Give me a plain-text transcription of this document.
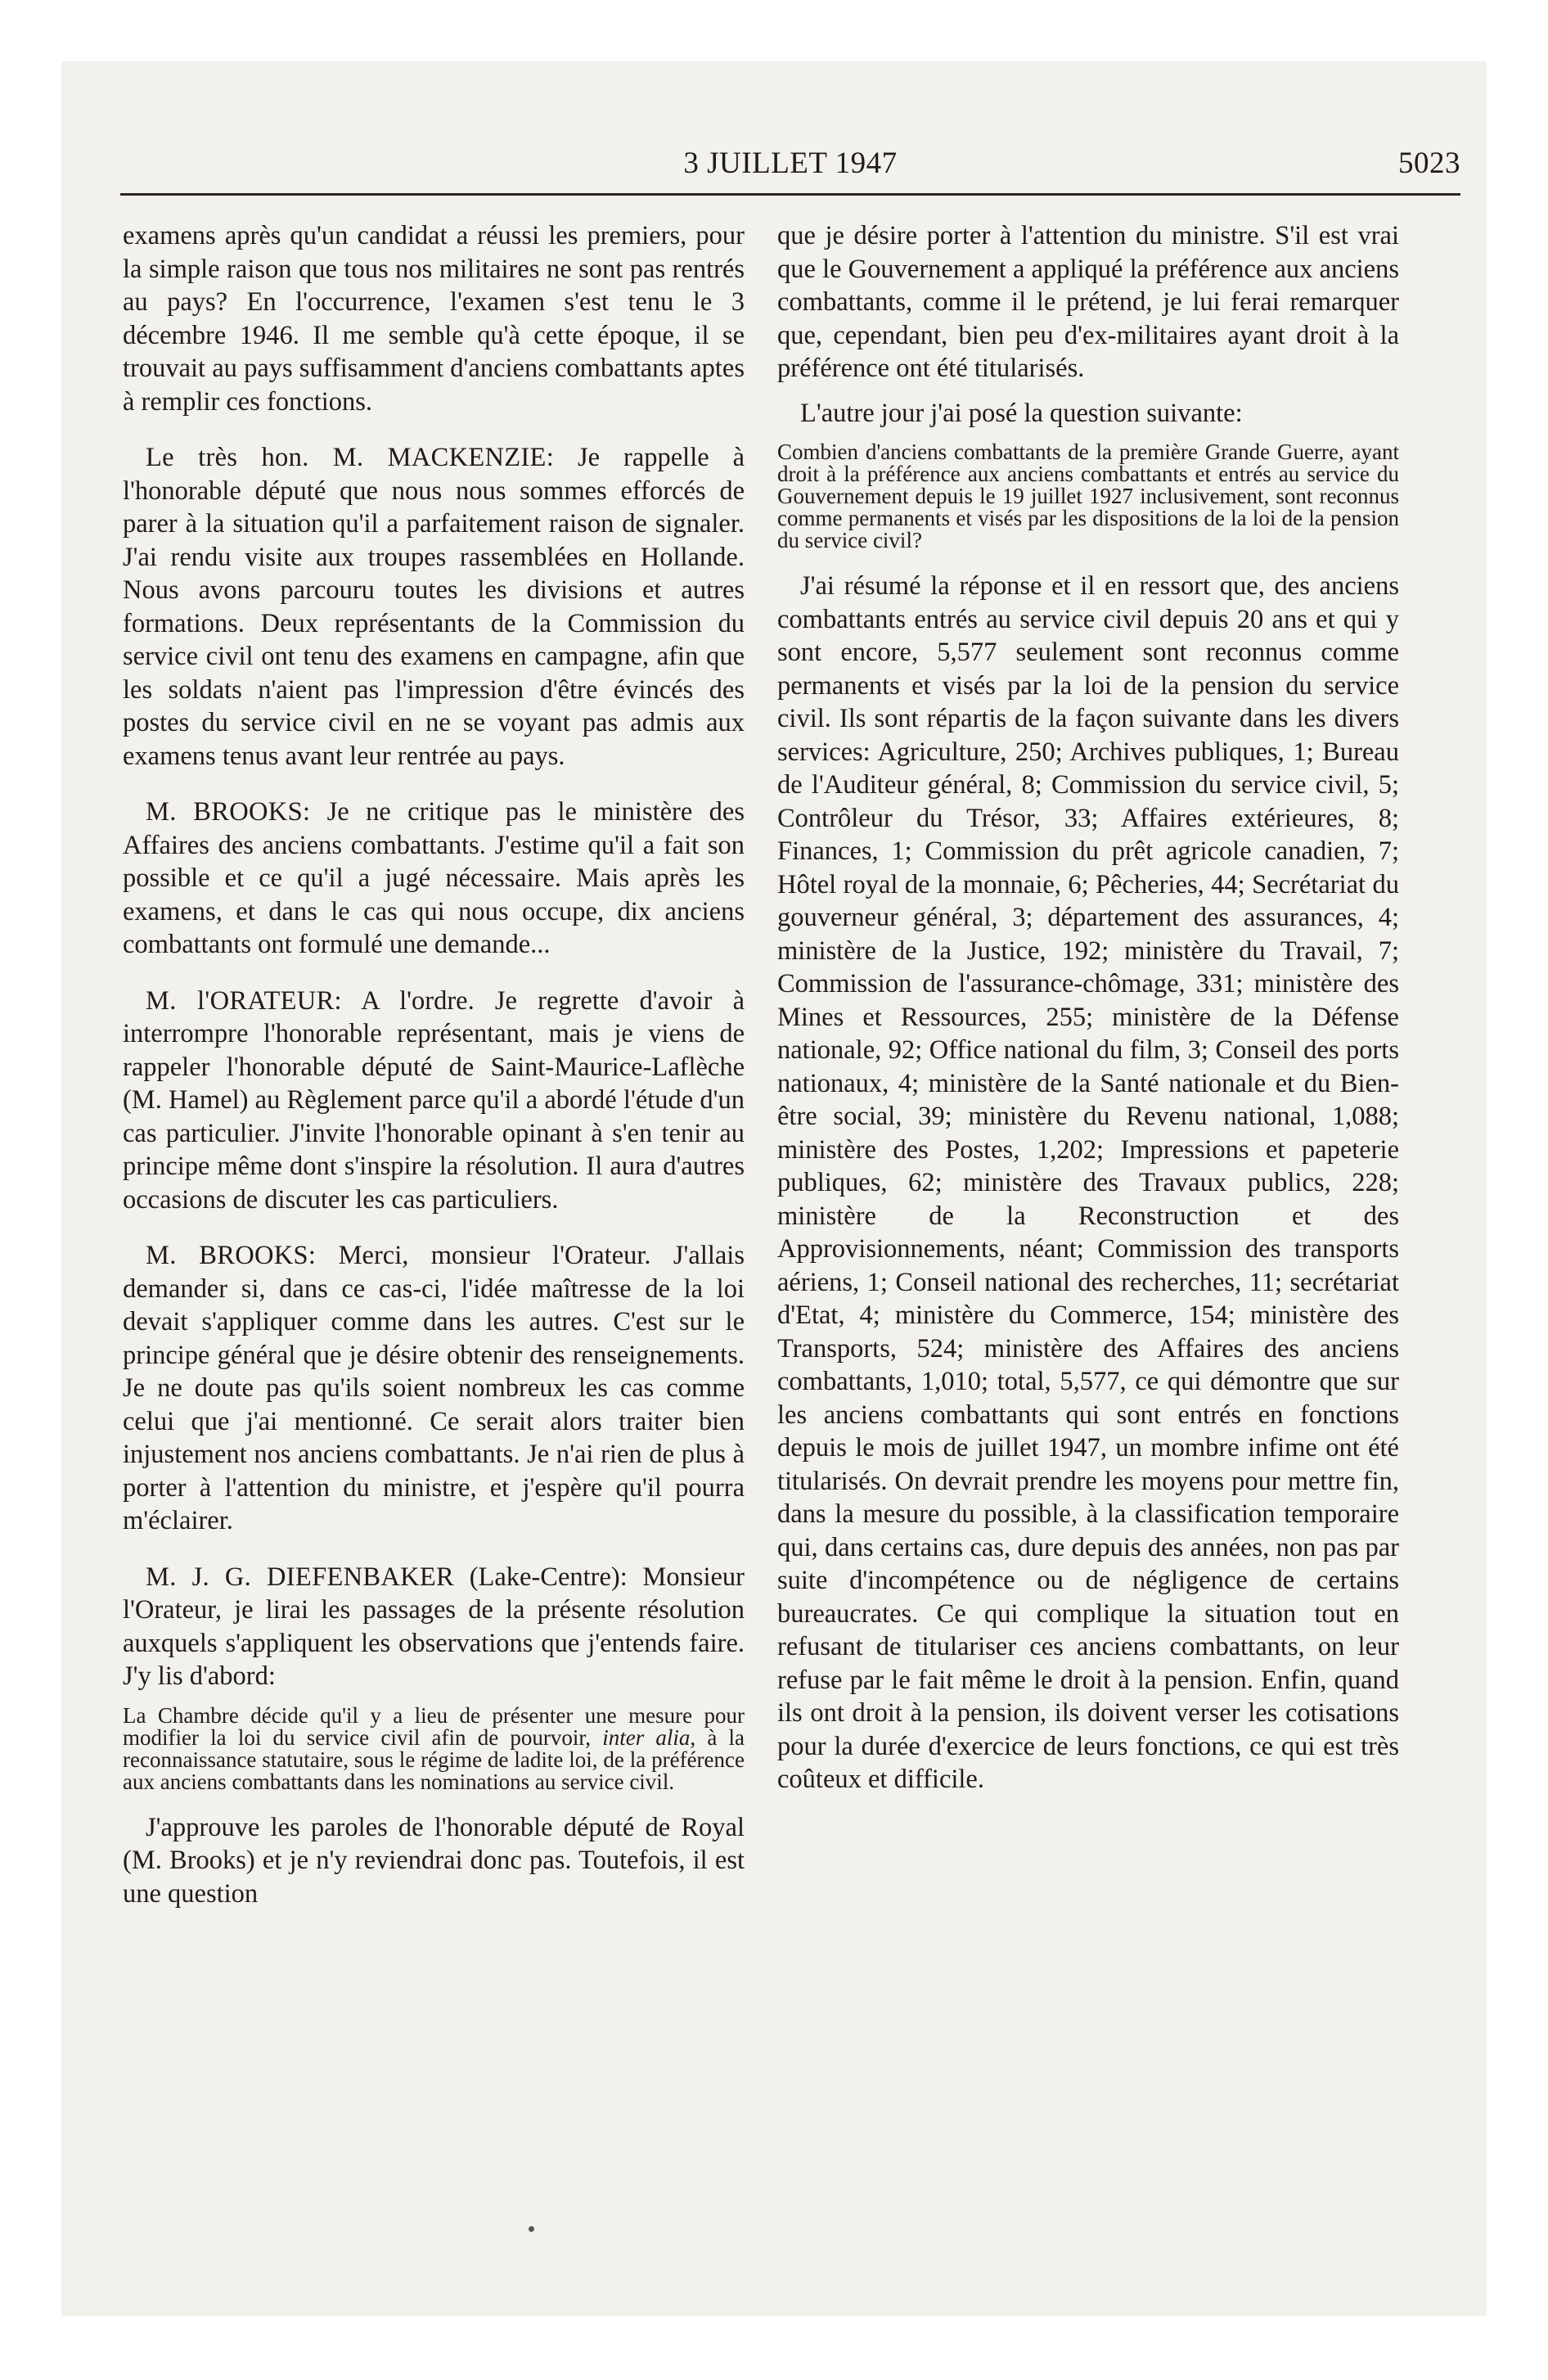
3 JUILLET 1947	5023

examens après qu'un candidat a réussi les premiers, pour la simple raison que tous nos militaires ne sont pas rentrés au pays? En l'occurrence, l'examen s'est tenu le 3 décembre 1946. Il me semble qu'à cette époque, il se trouvait au pays suffisamment d'anciens combattants aptes à remplir ces fonctions.

Le très hon. M. MACKENZIE: Je rappelle à l'honorable député que nous nous sommes efforcés de parer à la situation qu'il a parfaitement raison de signaler. J'ai rendu visite aux troupes rassemblées en Hollande. Nous avons parcouru toutes les divisions et autres formations. Deux représentants de la Commission du service civil ont tenu des examens en campagne, afin que les soldats n'aient pas l'impression d'être évincés des postes du service civil en ne se voyant pas admis aux examens tenus avant leur rentrée au pays.

M. BROOKS: Je ne critique pas le ministère des Affaires des anciens combattants. J'estime qu'il a fait son possible et ce qu'il a jugé nécessaire. Mais après les examens, et dans le cas qui nous occupe, dix anciens combattants ont formulé une demande...

M. l'ORATEUR: A l'ordre. Je regrette d'avoir à interrompre l'honorable représentant, mais je viens de rappeler l'honorable député de Saint-Maurice-Laflèche (M. Hamel) au Règlement parce qu'il a abordé l'étude d'un cas particulier. J'invite l'honorable opinant à s'en tenir au principe même dont s'inspire la résolution. Il aura d'autres occasions de discuter les cas particuliers.

M. BROOKS: Merci, monsieur l'Orateur. J'allais demander si, dans ce cas-ci, l'idée maîtresse de la loi devait s'appliquer comme dans les autres. C'est sur le principe général que je désire obtenir des renseignements. Je ne doute pas qu'ils soient nombreux les cas comme celui que j'ai mentionné. Ce serait alors traiter bien injustement nos anciens combattants. Je n'ai rien de plus à porter à l'attention du ministre, et j'espère qu'il pourra m'éclairer.

M. J. G. DIEFENBAKER (Lake-Centre): Monsieur l'Orateur, je lirai les passages de la présente résolution auxquels s'appliquent les observations que j'entends faire. J'y lis d'abord:

La Chambre décide qu'il y a lieu de présenter une mesure pour modifier la loi du service civil afin de pourvoir, inter alia, à la reconnaissance statutaire, sous le régime de ladite loi, de la préférence aux anciens combattants dans les nominations au service civil.

J'approuve les paroles de l'honorable député de Royal (M. Brooks) et je n'y reviendrai donc pas. Toutefois, il est une question

que je désire porter à l'attention du ministre. S'il est vrai que le Gouvernement a appliqué la préférence aux anciens combattants, comme il le prétend, je lui ferai remarquer que, cependant, bien peu d'ex-militaires ayant droit à la préférence ont été titularisés.

L'autre jour j'ai posé la question suivante:

Combien d'anciens combattants de la première Grande Guerre, ayant droit à la préférence aux anciens combattants et entrés au service du Gouvernement depuis le 19 juillet 1927 inclusivement, sont reconnus comme permanents et visés par les dispositions de la loi de la pension du service civil?

J'ai résumé la réponse et il en ressort que, des anciens combattants entrés au service civil depuis 20 ans et qui y sont encore, 5,577 seulement sont reconnus comme permanents et visés par la loi de la pension du service civil. Ils sont répartis de la façon suivante dans les divers services: Agriculture, 250; Archives publiques, 1; Bureau de l'Auditeur général, 8; Commission du service civil, 5; Contrôleur du Trésor, 33; Affaires extérieures, 8; Finances, 1; Commission du prêt agricole canadien, 7; Hôtel royal de la monnaie, 6; Pêcheries, 44; Secrétariat du gouverneur général, 3; département des assurances, 4; ministère de la Justice, 192; ministère du Travail, 7; Commission de l'assurance-chômage, 331; ministère des Mines et Ressources, 255; ministère de la Défense nationale, 92; Office national du film, 3; Conseil des ports nationaux, 4; ministère de la Santé nationale et du Bien-être social, 39; ministère du Revenu national, 1,088; ministère des Postes, 1,202; Impressions et papeterie publiques, 62; ministère des Travaux publics, 228; ministère de la Reconstruction et des Approvisionnements, néant; Commission des transports aériens, 1; Conseil national des recherches, 11; secrétariat d'Etat, 4; ministère du Commerce, 154; ministère des Transports, 524; ministère des Affaires des anciens combattants, 1,010; total, 5,577, ce qui démontre que sur les anciens combattants qui sont entrés en fonctions depuis le mois de juillet 1947, un mombre infime ont été titularisés. On devrait prendre les moyens pour mettre fin, dans la mesure du possible, à la classification temporaire qui, dans certains cas, dure depuis des années, non pas par suite d'incompétence ou de négligence de certains bureaucrates. Ce qui complique la situation tout en refusant de titulariser ces anciens combattants, on leur refuse par le fait même le droit à la pension. Enfin, quand ils ont droit à la pension, ils doivent verser les cotisations pour la durée d'exercice de leurs fonctions, ce qui est très coûteux et difficile.
